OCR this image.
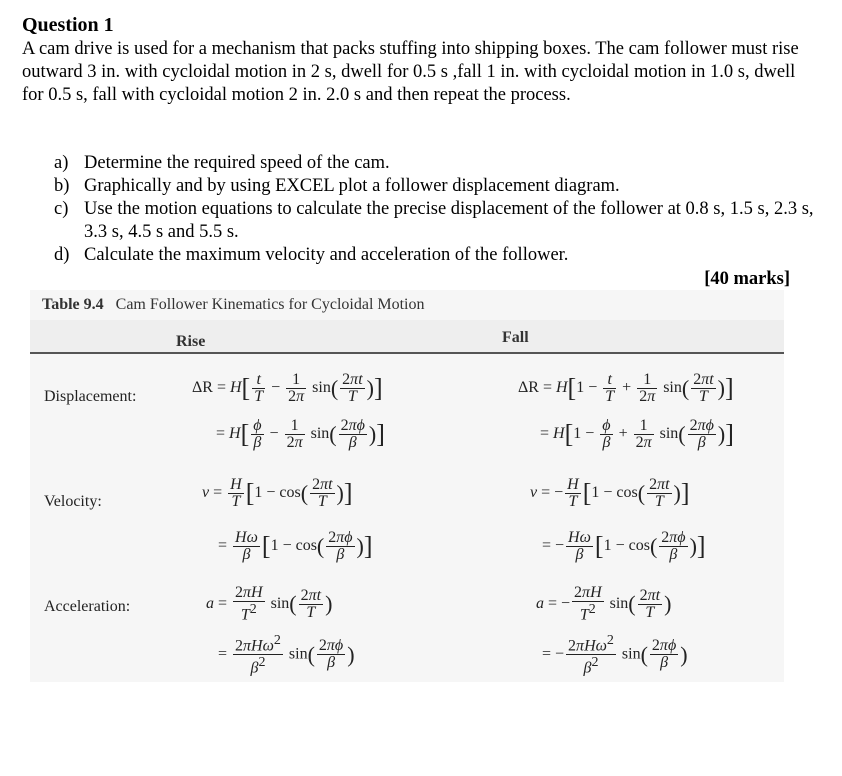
Question 1
A cam drive is used for a mechanism that packs stuffing into shipping boxes. The cam follower must rise outward 3 in. with cycloidal motion in 2 s, dwell for 0.5 s ,fall 1 in. with cycloidal motion in 1.0 s, dwell for 0.5 s, fall with cycloidal motion 2 in. 2.0 s and then repeat the process.
a) Determine the required speed of the cam.
b) Graphically and by using EXCEL plot a follower displacement diagram.
c) Use the motion equations to calculate the precise displacement of the follower at 0.8 s, 1.5 s, 2.3 s, 3.3 s, 4.5 s and 5.5 s.
d) Calculate the maximum velocity and acceleration of the follower.
[40 marks]
Table 9.4 Cam Follower Kinematics for Cycloidal Motion
Rise	Fall
Displacement:
Velocity:
Acceleration:
$\Delta R = H[ \frac{t}{T} - \frac{1}{2\pi} \sin( \frac{2\pi t}{T}$ )]
= $H[ \frac{\phi}{\beta} - \frac{1}{2\pi} \sin( \frac{2\pi\phi}{\beta}$ )]
$v = \frac{H}{T} [1 - \cos( \frac{2\pi t}{T}$ )]
= $\frac{H\omega}{\beta} [1 - \cos( \frac{2\pi\phi}{\beta}$ )]
$a = \frac{2\pi H}{T^2} \sin( \frac{2\pi t}{T}$ )
= $\frac{2\pi H\omega^2}{\beta^2} \sin( \frac{2\pi\phi}{\beta}$ )
$\Delta R = H[1 - \frac{t}{T} + \frac{1}{2\pi} \sin( \frac{2\pi t}{T}$ )]
= $H[1 - \frac{\phi}{\beta} + \frac{1}{2\pi} \sin( \frac{2\pi\phi}{\beta}$ )]
v = − $\frac{H}{T} [1 - \cos( \frac{2\pi t}{T}$ )]
= − $\frac{H\omega}{\beta} [1 - \cos( \frac{2\pi\phi}{\beta}$ )]
a = − $\frac{2\pi H}{T^2} \sin( \frac{2\pi t}{T}$ )
= − $\frac{2\pi H\omega^2}{\beta^2} \sin( \frac{2\pi\phi}{\beta}$ )
